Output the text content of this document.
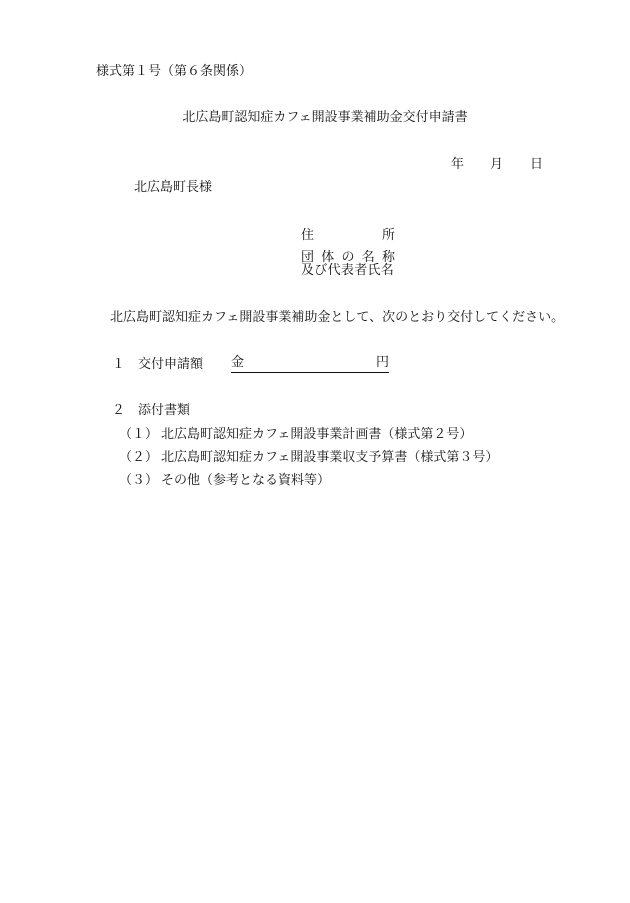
様式第１号（第６条関係）
北広島町認知症カフェ開設事業補助金交付申請書
年 月 日
北広島町長様
住	所
団 体 の 名 称
及び代表者氏名
北広島町認知症カフェ開設事業補助金として、次のとおり交付してください。
１ 交付申請額	金	円
２ 添付書類
（１） 北広島町認知症カフェ開設事業計画書（様式第２号）
（２） 北広島町認知症カフェ開設事業収支予算書（様式第３号）
（３） その他（参考となる資料等）
